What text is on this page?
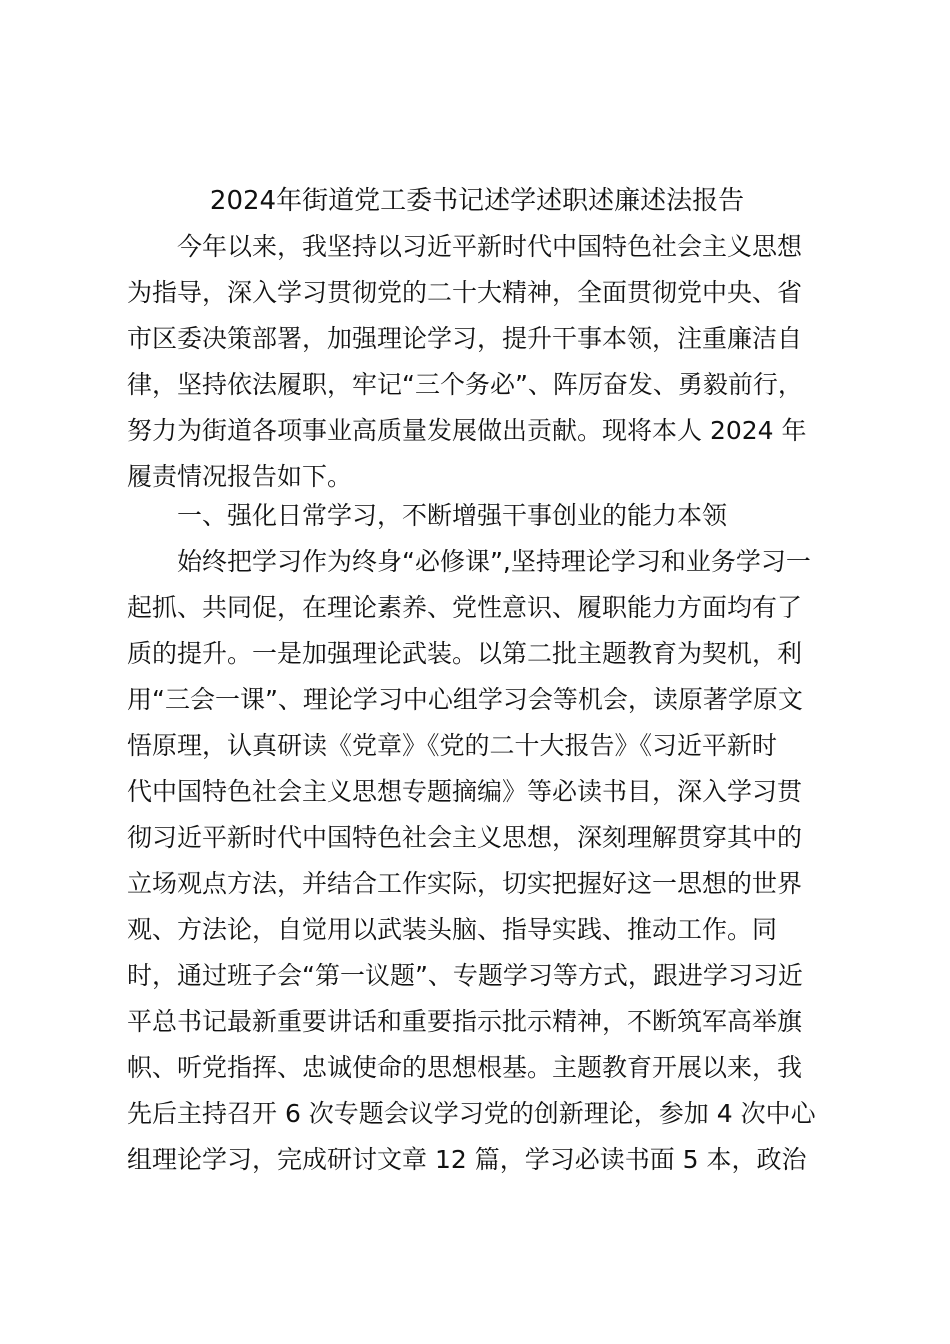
2024年街道党工委书记述学述职述廉述法报告
今年以来，我坚持以习近平新时代中国特色社会主义思想
为指导，深入学习贯彻党的二十大精神，全面贯彻党中央、省
市区委决策部署，加强理论学习，提升干事本领，注重廉洁自
律，坚持依法履职，牢记“三个务必”、阵厉奋发、勇毅前行，
努力为街道各项事业高质量发展做出贡献。现将本人 2024 年
履责情况报告如下。
一、强化日常学习，不断增强干事创业的能力本领
始终把学习作为终身“必修课”,坚持理论学习和业务学习一
起抓、共同促，在理论素养、党性意识、履职能力方面均有了
质的提升。一是加强理论武装。以第二批主题教育为契机，利
用“三会一课”、理论学习中心组学习会等机会，读原著学原文
悟原理，认真研读《党章》《党的二十大报告》《习近平新时
代中国特色社会主义思想专题摘编》等必读书目，深入学习贯
彻习近平新时代中国特色社会主义思想，深刻理解贯穿其中的
立场观点方法，并结合工作实际，切实把握好这一思想的世界
观、方法论，自觉用以武装头脑、指导实践、推动工作。同
时，通过班子会“第一议题”、专题学习等方式，跟进学习习近
平总书记最新重要讲话和重要指示批示精神，不断筑军高举旗
帜、听党指挥、忠诚使命的思想根基。主题教育开展以来，我
先后主持召开 6 次专题会议学习党的创新理论，参加 4 次中心
组理论学习，完成研讨文章 12 篇，学习必读书面 5 本，政治
